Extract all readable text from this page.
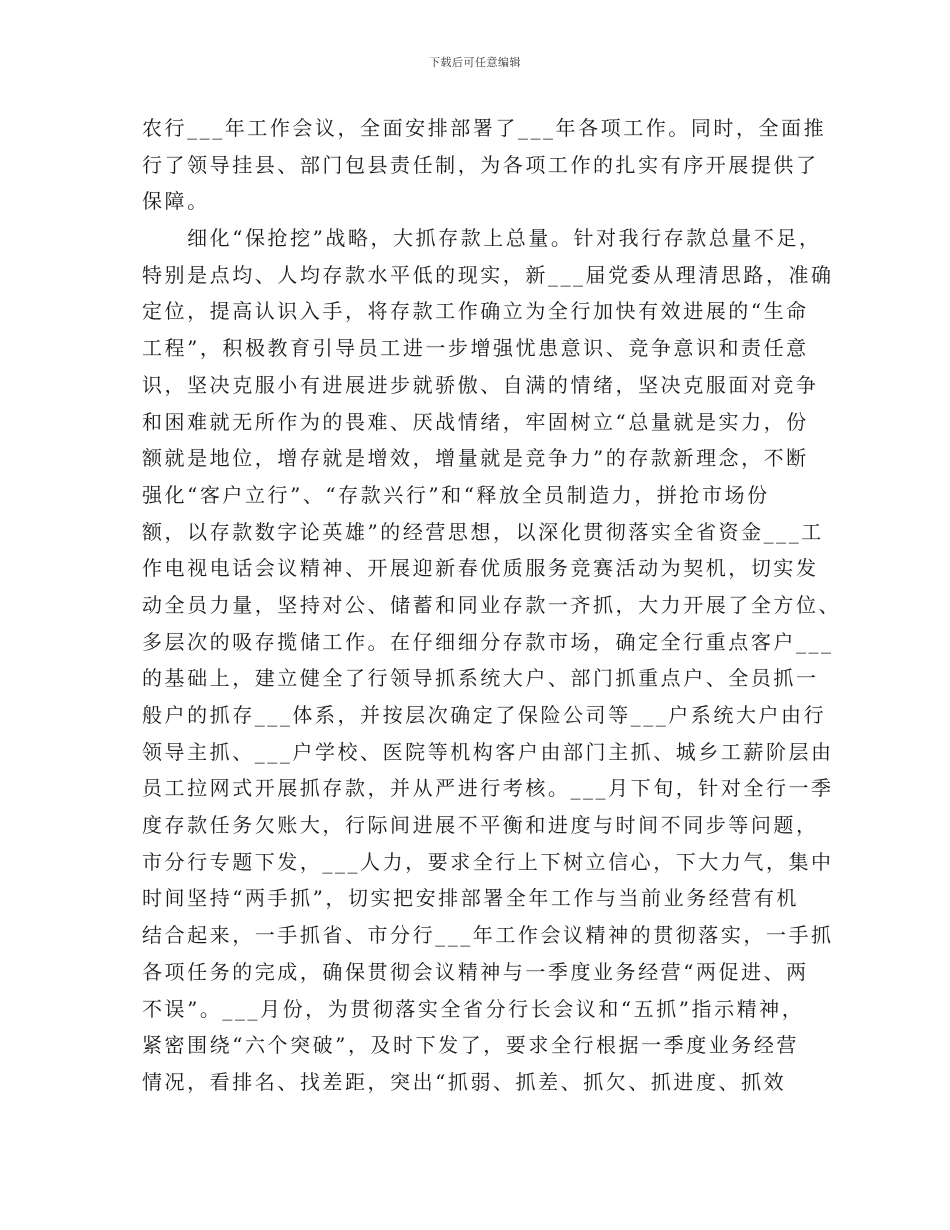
下载后可任意编辑
农行___年工作会议，全面安排部署了___年各项工作。同时，全面推
行了领导挂县、部门包县责任制，为各项工作的扎实有序开展提供了
保障。
　　细化“保抢挖”战略，大抓存款上总量。针对我行存款总量不足，
特别是点均、人均存款水平低的现实，新___届党委从理清思路，准确
定位，提高认识入手，将存款工作确立为全行加快有效进展的“生命
工程”，积极教育引导员工进一步增强忧患意识、竞争意识和责任意
识，坚决克服小有进展进步就骄傲、自满的情绪，坚决克服面对竞争
和困难就无所作为的畏难、厌战情绪，牢固树立“总量就是实力，份
额就是地位，增存就是增效，增量就是竞争力”的存款新理念，不断
强化“客户立行”、“存款兴行”和“释放全员制造力，拼抢市场份
额，以存款数字论英雄”的经营思想，以深化贯彻落实全省资金___工
作电视电话会议精神、开展迎新春优质服务竞赛活动为契机，切实发
动全员力量，坚持对公、储蓄和同业存款一齐抓，大力开展了全方位、
多层次的吸存揽储工作。在仔细细分存款市场，确定全行重点客户___
的基础上，建立健全了行领导抓系统大户、部门抓重点户、全员抓一
般户的抓存___体系，并按层次确定了保险公司等___户系统大户由行
领导主抓、___户学校、医院等机构客户由部门主抓、城乡工薪阶层由
员工拉网式开展抓存款，并从严进行考核。___月下旬，针对全行一季
度存款任务欠账大，行际间进展不平衡和进度与时间不同步等问题，
市分行专题下发，___人力，要求全行上下树立信心，下大力气，集中
时间坚持“两手抓”，切实把安排部署全年工作与当前业务经营有机
结合起来，一手抓省、市分行___年工作会议精神的贯彻落实，一手抓
各项任务的完成，确保贯彻会议精神与一季度业务经营“两促进、两
不误”。___月份，为贯彻落实全省分行长会议和“五抓”指示精神，
紧密围绕“六个突破”，及时下发了，要求全行根据一季度业务经营
情况，看排名、找差距，突出“抓弱、抓差、抓欠、抓进度、抓效
